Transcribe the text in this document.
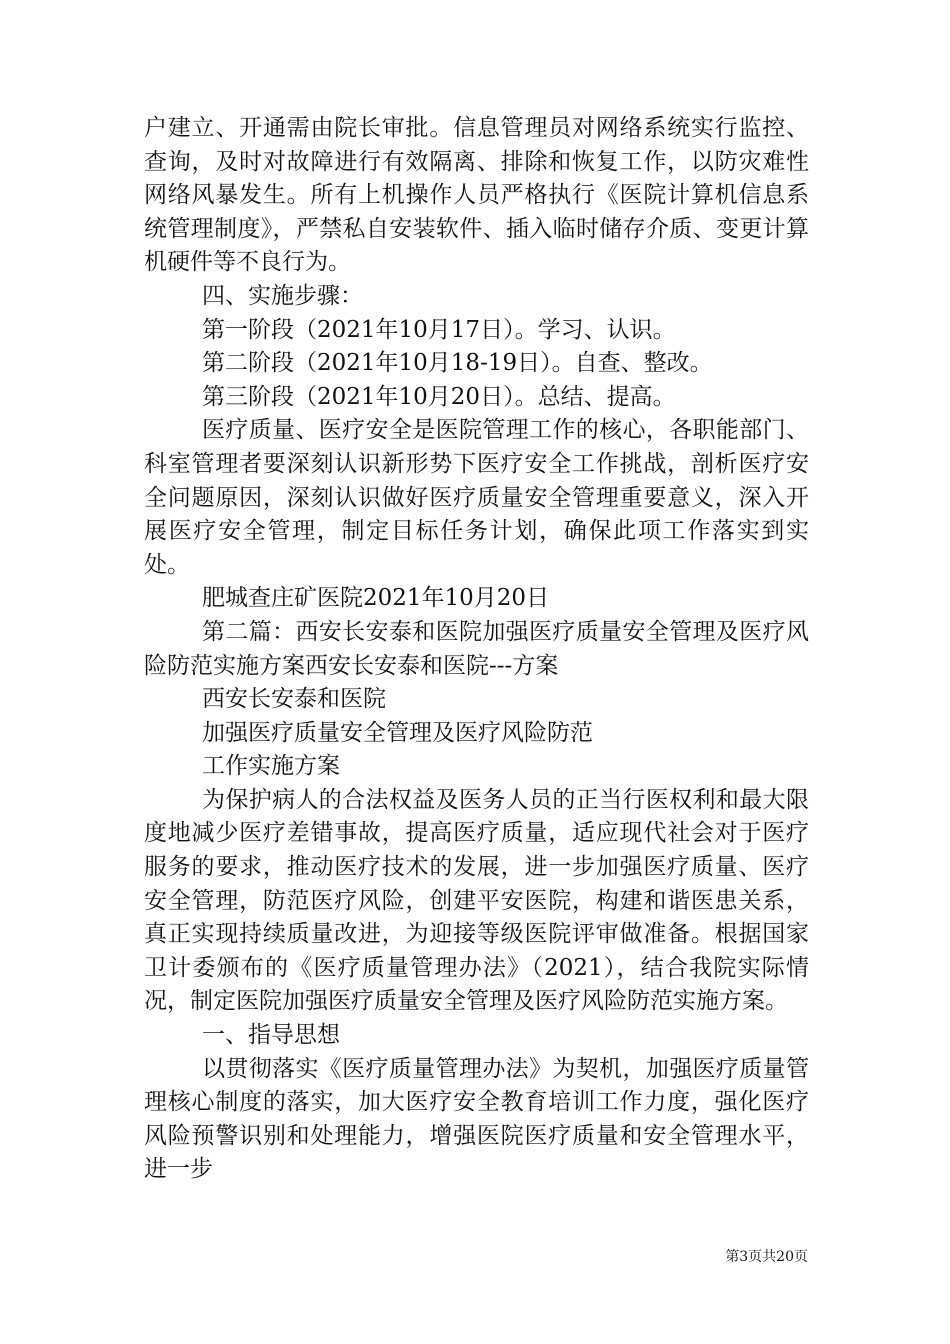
户建立、开通需由院长审批。信息管理员对网络系统实行监控、查询，及时对故障进行有效隔离、排除和恢复工作，以防灾难性网络风暴发生。所有上机操作人员严格执行《医院计算机信息系统管理制度》，严禁私自安装软件、插入临时储存介质、变更计算机硬件等不良行为。

四、实施步骤：

第一阶段（2021年10月17日）。学习、认识。

第二阶段（2021年10月18-19日）。自查、整改。

第三阶段（2021年10月20日）。总结、提高。

医疗质量、医疗安全是医院管理工作的核心，各职能部门、科室管理者要深刻认识新形势下医疗安全工作挑战，剖析医疗安全问题原因，深刻认识做好医疗质量安全管理重要意义，深入开展医疗安全管理，制定目标任务计划，确保此项工作落实到实处。

肥城查庄矿医院2021年10月20日

第二篇：西安长安泰和医院加强医疗质量安全管理及医疗风险防范实施方案西安长安泰和医院---方案

西安长安泰和医院

加强医疗质量安全管理及医疗风险防范

工作实施方案

为保护病人的合法权益及医务人员的正当行医权利和最大限度地减少医疗差错事故，提高医疗质量，适应现代社会对于医疗服务的要求，推动医疗技术的发展，进一步加强医疗质量、医疗安全管理，防范医疗风险，创建平安医院，构建和谐医患关系，真正实现持续质量改进，为迎接等级医院评审做准备。根据国家卫计委颁布的《医疗质量管理办法》（2021），结合我院实际情况，制定医院加强医疗质量安全管理及医疗风险防范实施方案。

一、指导思想

以贯彻落实《医疗质量管理办法》为契机，加强医疗质量管理核心制度的落实，加大医疗安全教育培训工作力度，强化医疗风险预警识别和处理能力，增强医院医疗质量和安全管理水平，进一步

第3页共20页
